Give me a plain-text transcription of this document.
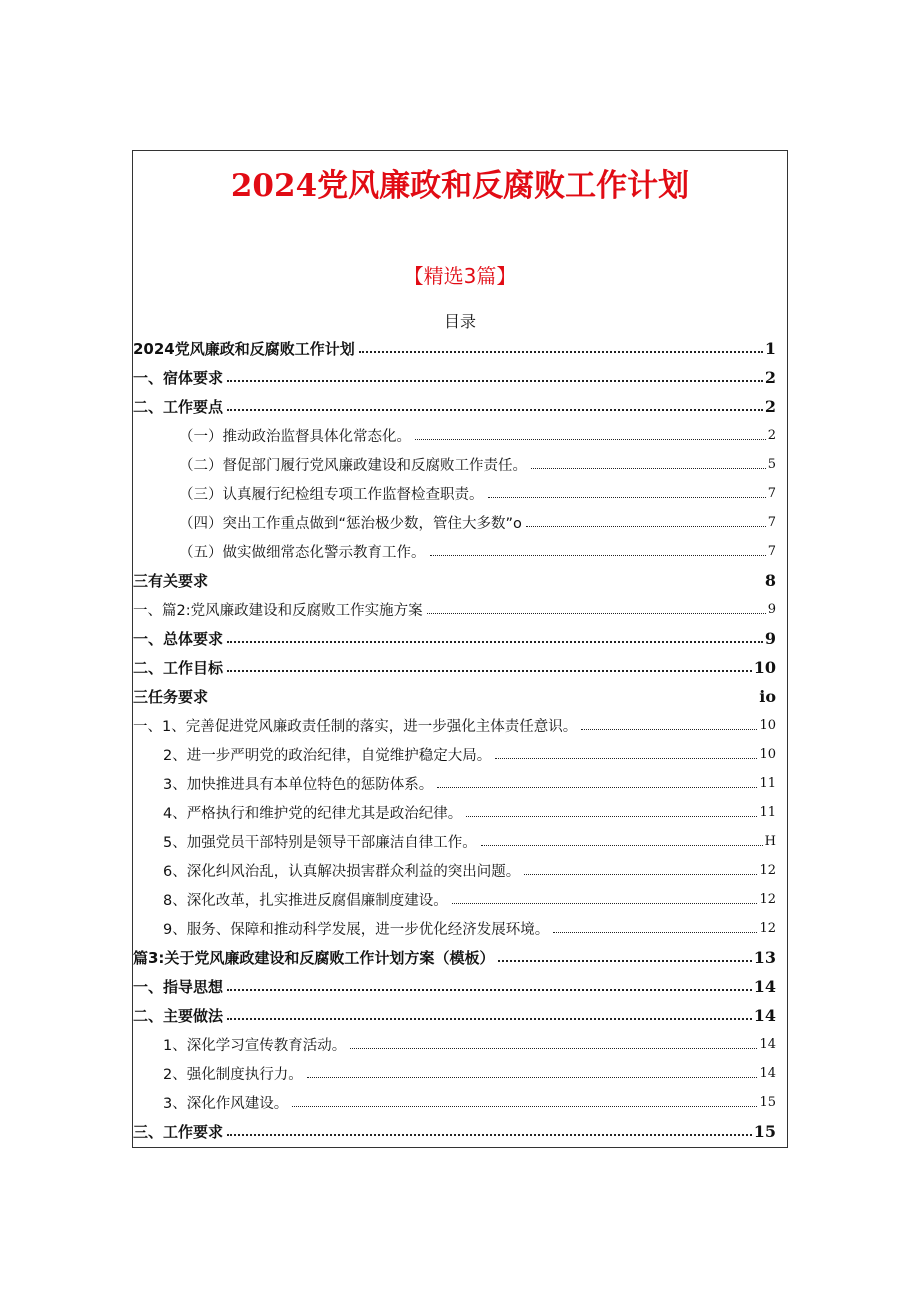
2024党风廉政和反腐败工作计划
【精选3篇】
目录
2024党风廉政和反腐败工作计划	1
一、宿体要求	2
二、工作要点	2
（一）推动政治监督具体化常态化。	2
（二）督促部门履行党风廉政建设和反腐败工作责任。	5
（三）认真履行纪检组专项工作监督检查职责。	7
（四）突出工作重点做到“惩治极少数，管住大多数”o	7
（五）做实做细常态化警示教育工作。	7
三有关要求	8
一、篇2:党风廉政建设和反腐败工作实施方案	9
一、总体要求	9
二、工作目标	10
三任务要求	io
一、1、完善促进党风廉政责任制的落实，进一步强化主体责任意识。	10
2、进一步严明党的政治纪律，自觉维护稳定大局。	10
3、加快推进具有本单位特色的惩防体系。	11
4、严格执行和维护党的纪律尤其是政治纪律。	11
5、加强党员干部特别是领导干部廉洁自律工作。	H
6、深化纠风治乱，认真解决损害群众利益的突出问题。	12
8、深化改革，扎实推进反腐倡廉制度建设。	12
9、服务、保障和推动科学发展，进一步优化经济发展环境。	12
篇3:关于党风廉政建设和反腐败工作计划方案（模板）	13
一、指导思想	14
二、主要做法	14
1、深化学习宣传教育活动。	14
2、强化制度执行力。	14
3、深化作风建设。	15
三、工作要求	15
